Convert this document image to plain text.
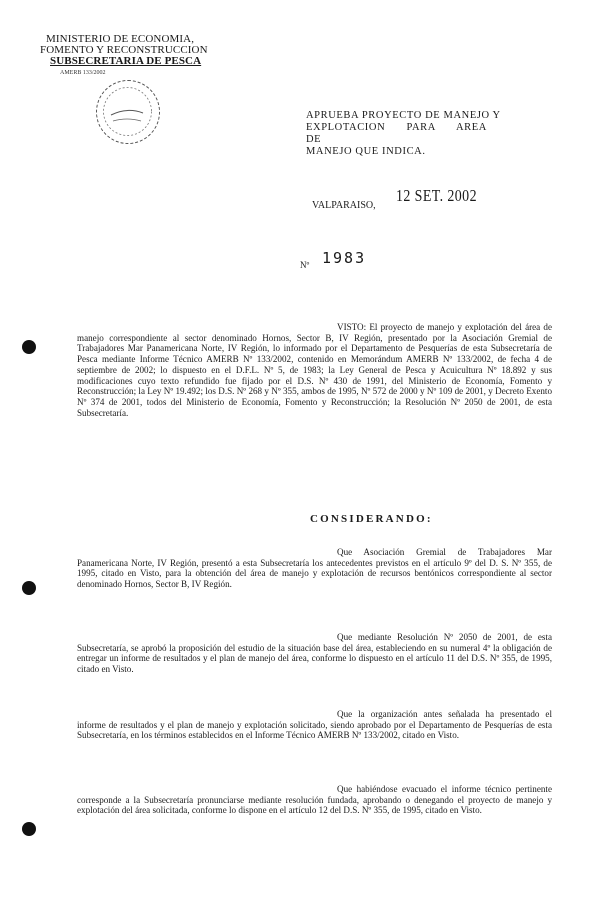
MINISTERIO DE ECONOMIA,
FOMENTO Y RECONSTRUCCION
SUBSECRETARIA DE PESCA
AMERB 133/2002
APRUEBA PROYECTO DE MANEJO Y
EXPLOTACION PARA AREA DE
MANEJO QUE INDICA.
VALPARAISO,
12 SET. 2002
Nº 1983
VISTO: El proyecto de manejo y explotación del área de manejo correspondiente al sector denominado Hornos, Sector B, IV Región, presentado por la Asociación Gremial de Trabajadores Mar Panamericana Norte, IV Región, lo informado por el Departamento de Pesquerías de esta Subsecretaría de Pesca mediante Informe Técnico AMERB Nº 133/2002, contenido en Memorándum AMERB Nº 133/2002, de fecha 4 de septiembre de 2002; lo dispuesto en el D.F.L. Nº 5, de 1983; la Ley General de Pesca y Acuicultura Nº 18.892 y sus modificaciones cuyo texto refundido fue fijado por el D.S. Nº 430 de 1991, del Ministerio de Economía, Fomento y Reconstrucción; la Ley Nº 19.492; los D.S. Nº 268 y Nº 355, ambos de 1995, Nº 572 de 2000 y Nº 109 de 2001, y Decreto Exento Nº 374 de 2001, todos del Ministerio de Economía, Fomento y Reconstrucción; la Resolución Nº 2050 de 2001, de esta Subsecretaría.
CONSIDERANDO:
Que Asociación Gremial de Trabajadores Mar Panamericana Norte, IV Región, presentó a esta Subsecretaría los antecedentes previstos en el artículo 9º del D. S. Nº 355, de 1995, citado en Visto, para la obtención del área de manejo y explotación de recursos bentónicos correspondiente al sector denominado Hornos, Sector B, IV Región.
Que mediante Resolución Nº 2050 de 2001, de esta Subsecretaría, se aprobó la proposición del estudio de la situación base del área, estableciendo en su numeral 4º la obligación de entregar un informe de resultados y el plan de manejo del área, conforme lo dispuesto en el artículo 11 del D.S. Nº 355, de 1995, citado en Visto.
Que la organización antes señalada ha presentado el informe de resultados y el plan de manejo y explotación solicitado, siendo aprobado por el Departamento de Pesquerías de esta Subsecretaría, en los términos establecidos en el Informe Técnico AMERB Nº 133/2002, citado en Visto.
Que habiéndose evacuado el informe técnico pertinente corresponde a la Subsecretaría pronunciarse mediante resolución fundada, aprobando o denegando el proyecto de manejo y explotación del área solicitada, conforme lo dispone en el artículo 12 del D.S. Nº 355, de 1995, citado en Visto.
